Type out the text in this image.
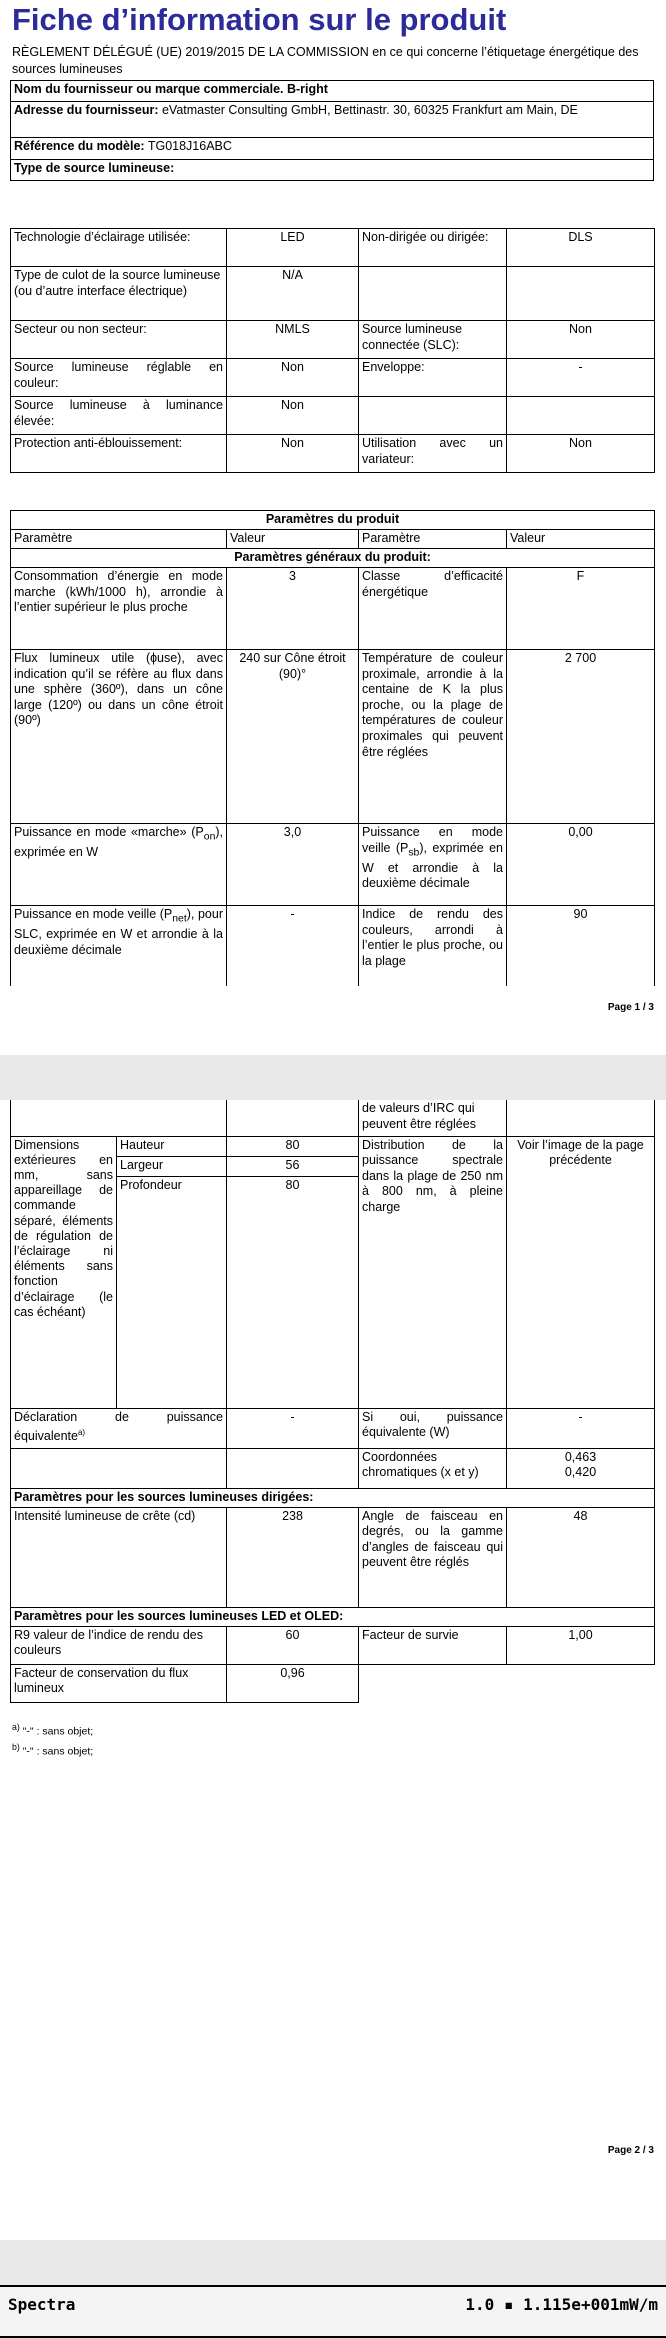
Fiche d’information sur le produit
RÈGLEMENT DÉLÉGUÉ (UE) 2019/2015 DE LA COMMISSION en ce qui concerne l’étiquetage énergétique des sources lumineuses
Nom du fournisseur ou marque commerciale. B-right
Adresse du fournisseur: eVatmaster Consulting GmbH, Bettinastr. 30, 60325 Frankfurt am Main, DE
Référence du modèle: TG018J16ABC
Type de source lumineuse:
Technologie d’éclairage utilisée:	LED	Non-dirigée ou dirigée:	DLS
Type de culot de la source lumineuse
(ou d’autre interface électrique)	N/A		
Secteur ou non secteur:	NMLS	Source lumineuse connectée (SLC):	Non
Source lumineuse réglable en couleur:	Non	Enveloppe:	-
Source lumineuse à luminance élevée:	Non		
Protection anti-éblouissement:	Non	Utilisation avec un variateur:	Non
Paramètres du produit			
Paramètre	Valeur	Paramètre	Valeur
Paramètres généraux du produit:			
Consommation d’énergie en mode marche (kWh/1000 h), arrondie à l’entier supérieur le plus proche	3	Classe d’efficacité énergétique	F
Flux lumineux utile (ɸuse), avec indication qu’il se réfère au flux dans une sphère (360º), dans un cône large (120º) ou dans un cône étroit (90º)	240 sur Cône étroit (90)°	Température de couleur proximale, arrondie à la centaine de K la plus proche, ou la plage de températures de couleur proximales qui peuvent être réglées	2 700
Puissance en mode «marche» $(P_{on})$, exprimée en W	3,0	Puissance en mode veille $(P_{sb})$, exprimée en W et arrondie à la deuxième décimale	0,00
Puissance en mode veille $(P_{net})$, pour SLC, exprimée en W et arrondie à la deuxième décimale	-	Indice de rendu des couleurs, arrondi à l’entier le plus proche, ou la plage	90
Page 1 / 3
			de valeurs d’IRC qui peuvent être réglées	
Dimensions extérieures en mm, sans appareillage de commande séparé, éléments de régulation de l’éclairage ni éléments sans fonction d’éclairage (le cas échéant)	Hauteur	80	Distribution de la puissance spectrale dans la plage de 250 nm à 800 nm, à pleine charge	Voir l’image de la page précédente
	Largeur	56		
	Profondeur	80		
Déclaration de puissance équivalente$^{a)}$		-	Si oui, puissance équivalente (W)	-
			Coordonnées chromatiques (x et y)	0,463
0,420
Paramètres pour les sources lumineuses dirigées:				
Intensité lumineuse de crête (cd)		238	Angle de faisceau en degrés, ou la gamme d’angles de faisceau qui peuvent être réglés	48
Paramètres pour les sources lumineuses LED et OLED:				
R9 valeur de l’indice de rendu des couleurs		60	Facteur de survie	1,00
Facteur de conservation du flux lumineux		0,96		
$^{a)}$ "-" : sans objet;
$^{b)}$ "-" : sans objet;
Page 2 / 3
Spectra	1.0 ▪ 1.115e+001mW/m
